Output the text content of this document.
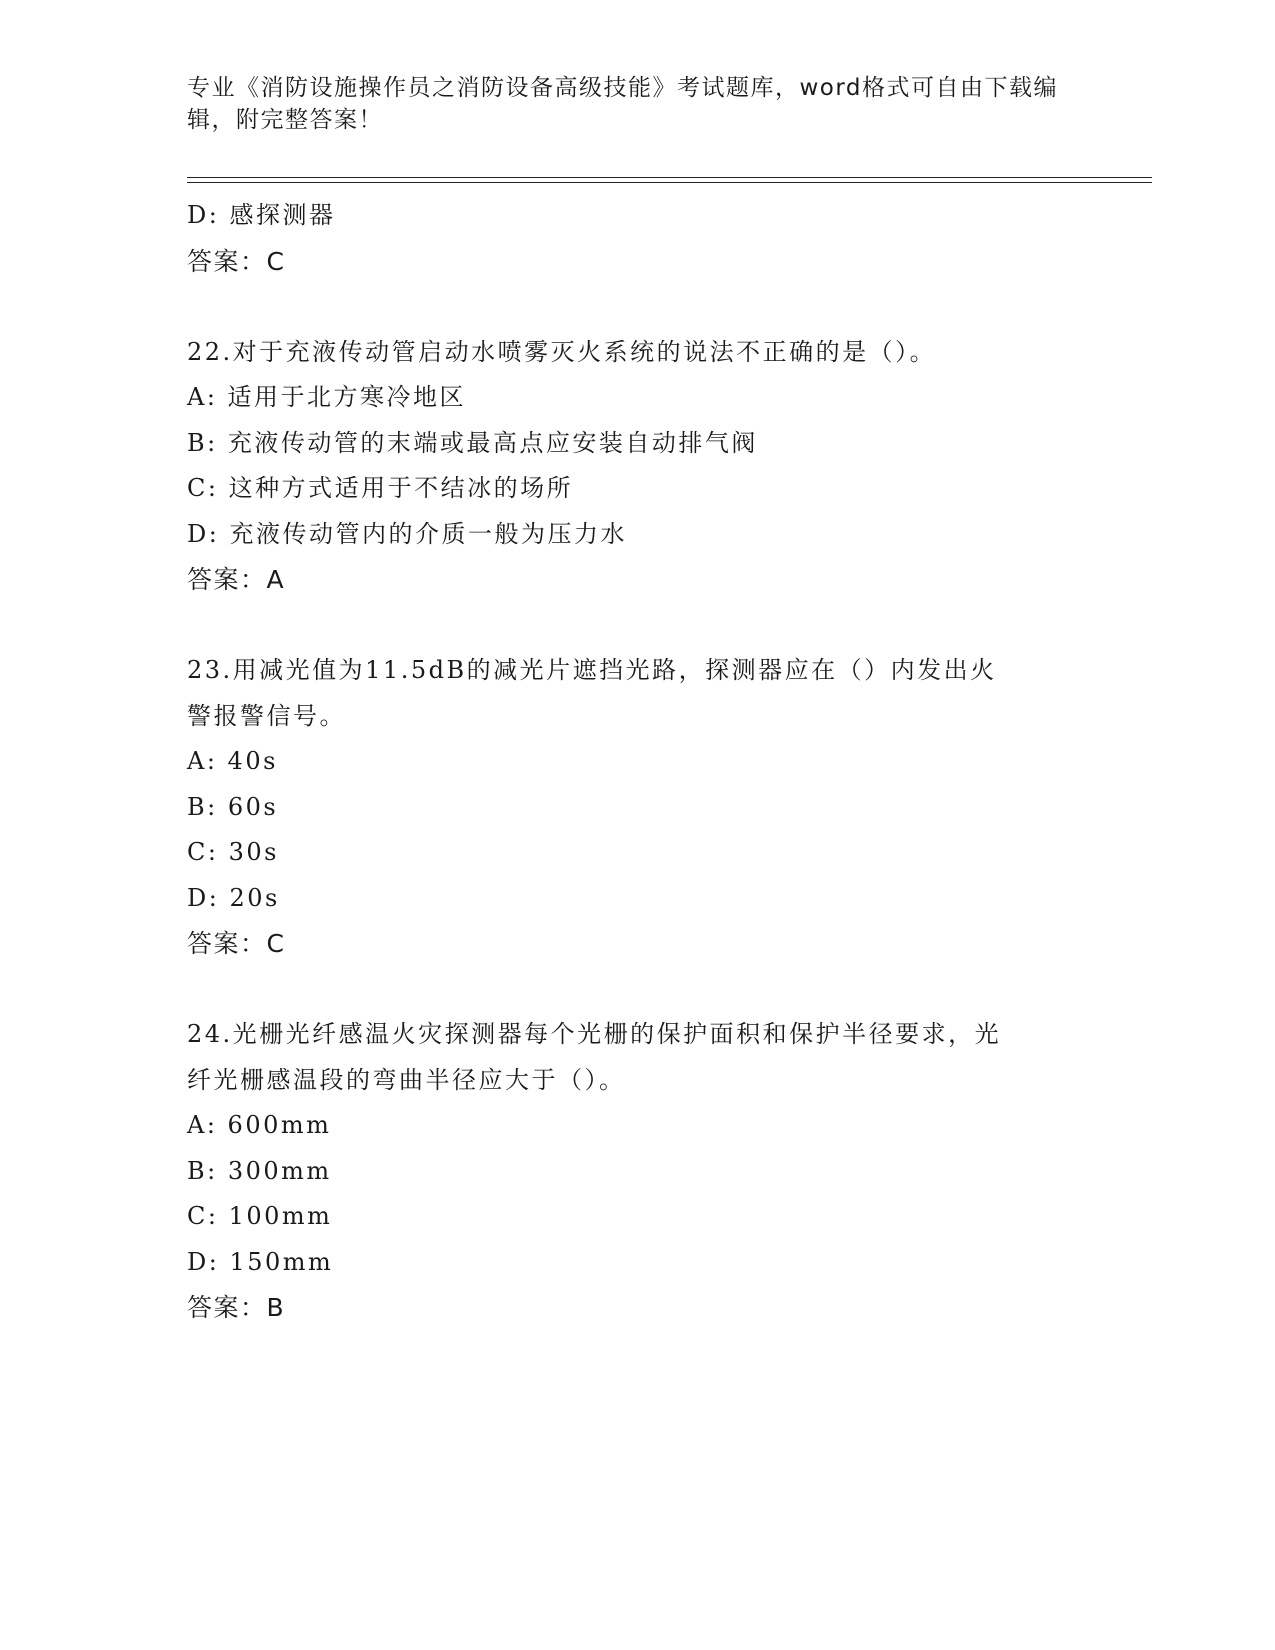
专业《消防设施操作员之消防设备高级技能》考试题库，word格式可自由下载编
辑，附完整答案！
D: 感探测器
答案：C
22.对于充液传动管启动水喷雾灭火系统的说法不正确的是（）。
A: 适用于北方寒冷地区
B: 充液传动管的末端或最高点应安装自动排气阀
C: 这种方式适用于不结冰的场所
D: 充液传动管内的介质一般为压力水
答案：A
23.用减光值为11.5dB的减光片遮挡光路，探测器应在（）内发出火
警报警信号。
A: 40s
B: 60s
C: 30s
D: 20s
答案：C
24.光栅光纤感温火灾探测器每个光栅的保护面积和保护半径要求，光
纤光栅感温段的弯曲半径应大于（）。
A: 600mm
B: 300mm
C: 100mm
D: 150mm
答案：B
